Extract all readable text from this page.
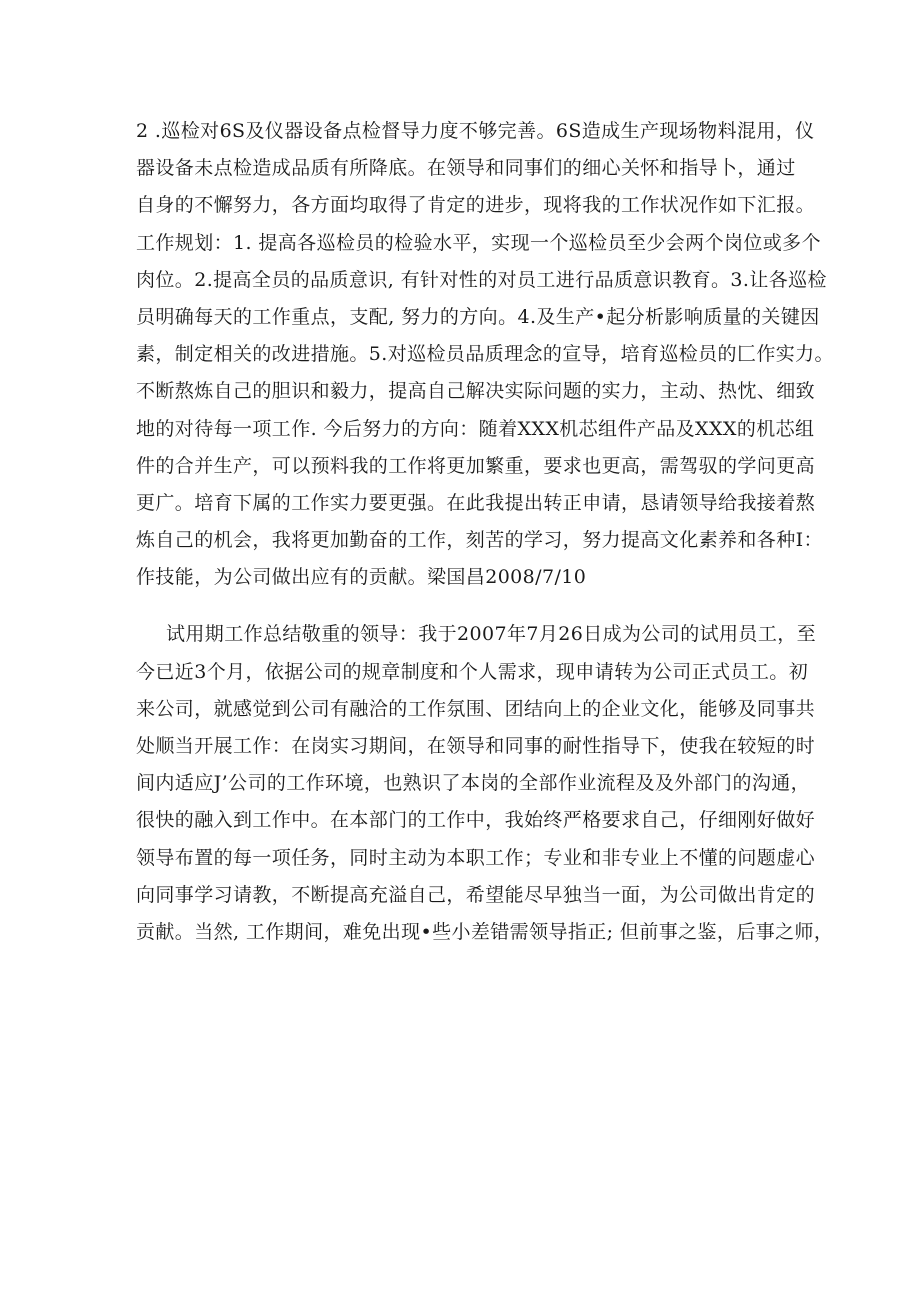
2 .巡检对6S及仪器设备点检督导力度不够完善。6S造成生产现场物料混用，仪
器设备未点检造成品质有所降底。在领导和同事们的细心关怀和指导卜，通过
自身的不懈努力，各方面均取得了肯定的进步，现将我的工作状况作如下汇报。
工作规划：1. 提高各巡检员的检验水平，实现一个巡检员至少会两个岗位或多个
肉位。2.提高全员的品质意识, 有针对性的对员工进行品质意识教育。3.让各巡检
员明确每天的工作重点，支配, 努力的方向。4.及生产•起分析影响质量的关键因
素，制定相关的改进措施。5.对巡检员品质理念的宣导，培育巡检员的匚作实力。
不断熬炼自己的胆识和毅力，提高自己解决实际问题的实力，主动、热忱、细致
地的对待每一项工作. 今后努力的方向：随着XXX机芯组件产品及XXX的机芯组
件的合并生产，可以预料我的工作将更加繁重，要求也更高，需驾驭的学问更高
更广。培育下属的工作实力要更强。在此我提出转正申请，恳请领导给我接着熬
炼自己的机会，我将更加勤奋的工作，刻苦的学习，努力提高文化素养和各种I：
作技能，为公司做出应有的贡献。梁国昌2008/7/10
试用期工作总结敬重的领导：我于2007年7月26日成为公司的试用员工，至
今已近3个月，依据公司的规章制度和个人需求，现申请转为公司正式员工。初
来公司，就感觉到公司有融洽的工作氛围、团结向上的企业文化，能够及同事共
处顺当开展工作：在岗实习期间，在领导和同事的耐性指导下，使我在较短的时
间内适应J’公司的工作环境，也熟识了本岗的全部作业流程及及外部门的沟通，
很快的融入到工作中。在本部门的工作中，我始终严格要求自己，仔细刚好做好
领导布置的每一项任务，同时主动为本职工作；专业和非专业上不懂的问题虚心
向同事学习请教，不断提高充溢自己，希望能尽早独当一面，为公司做出肯定的
贡献。当然, 工作期间，难免出现•些小差错需领导指正; 但前事之鉴，后事之师，
